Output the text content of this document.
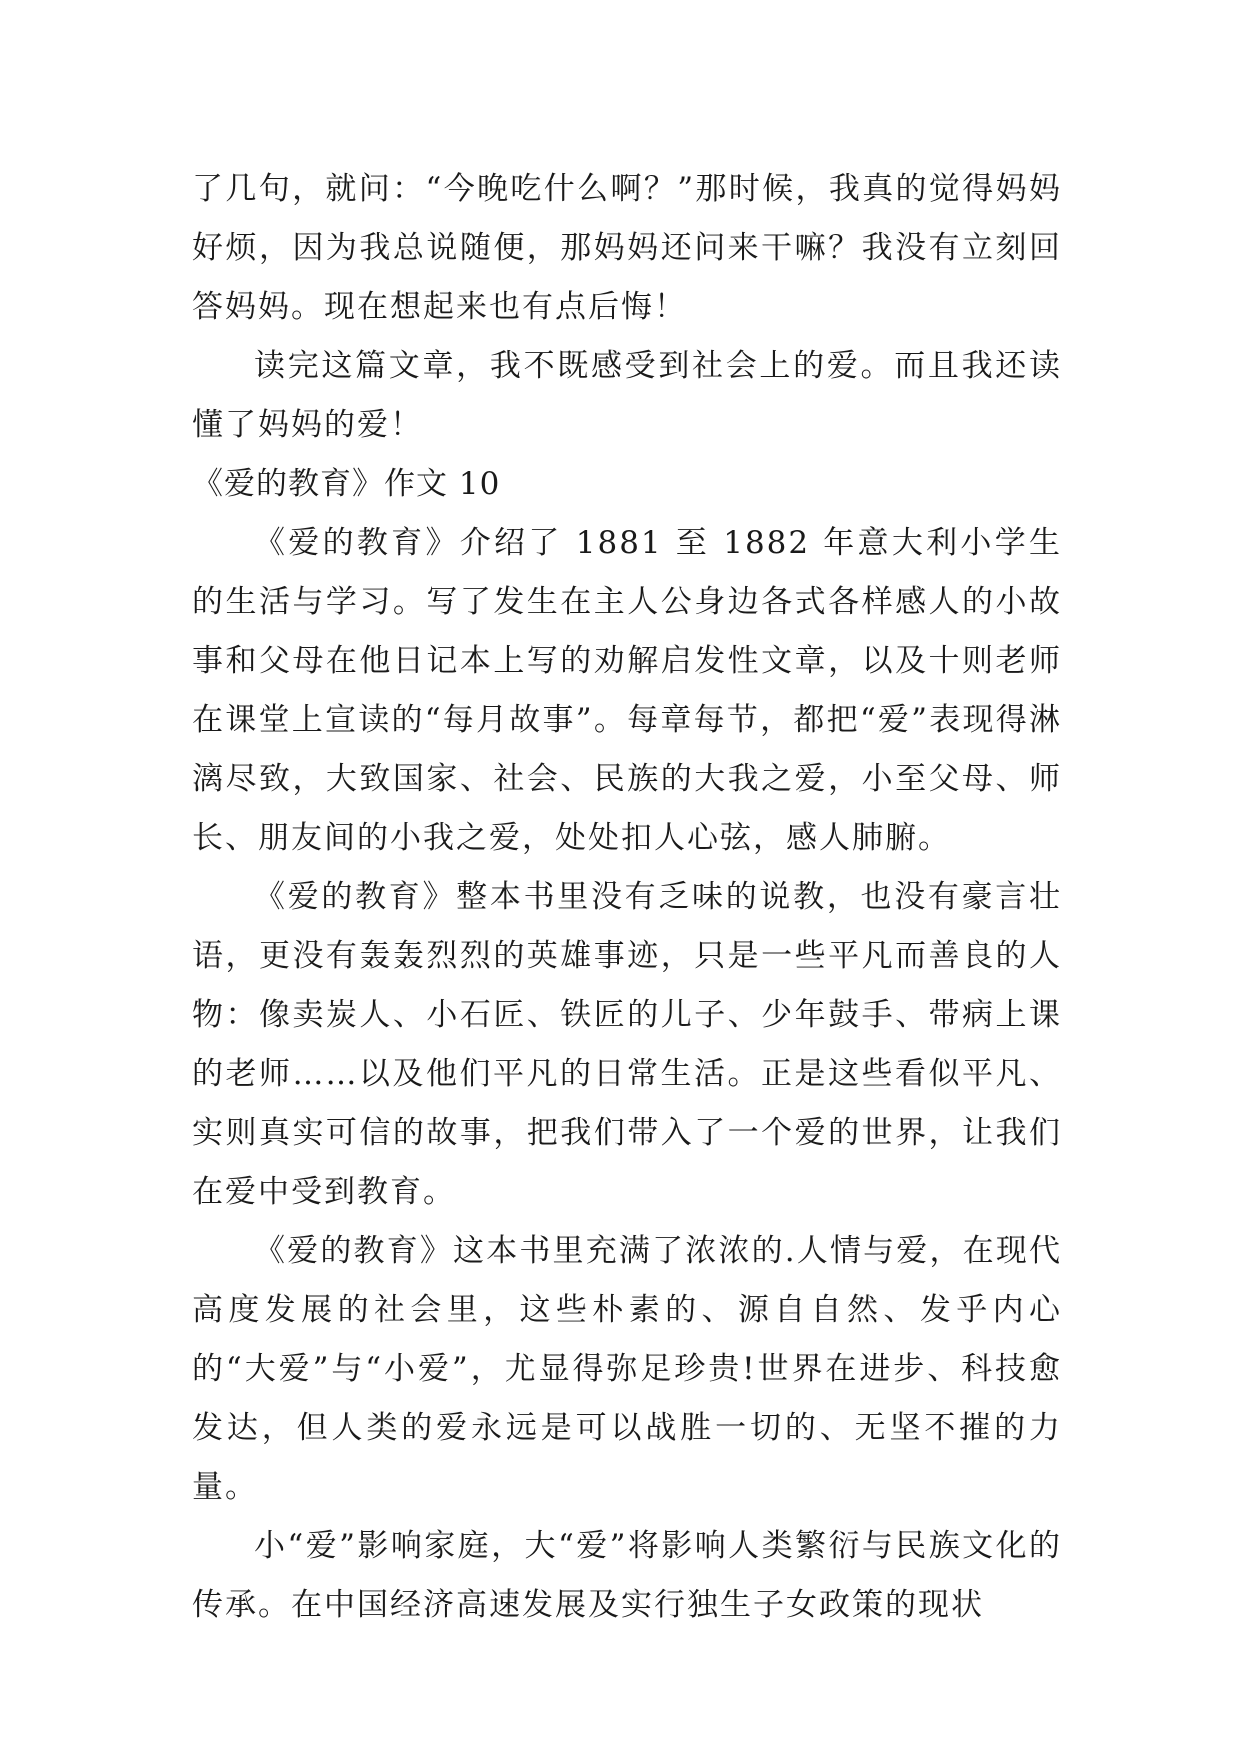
了几句，就问：“今晚吃什么啊？”那时候，我真的觉得妈妈好烦，因为我总说随便，那妈妈还问来干嘛？我没有立刻回答妈妈。现在想起来也有点后悔！

读完这篇文章，我不既感受到社会上的爱。而且我还读懂了妈妈的爱！

《爱的教育》作文 10

《爱的教育》介绍了 1881 至 1882 年意大利小学生的生活与学习。写了发生在主人公身边各式各样感人的小故事和父母在他日记本上写的劝解启发性文章，以及十则老师在课堂上宣读的“每月故事”。每章每节，都把“爱”表现得淋漓尽致，大致国家、社会、民族的大我之爱，小至父母、师长、朋友间的小我之爱，处处扣人心弦，感人肺腑。

《爱的教育》整本书里没有乏味的说教，也没有豪言壮语，更没有轰轰烈烈的英雄事迹，只是一些平凡而善良的人物：像卖炭人、小石匠、铁匠的儿子、少年鼓手、带病上课的老师……以及他们平凡的日常生活。正是这些看似平凡、实则真实可信的故事，把我们带入了一个爱的世界，让我们在爱中受到教育。

《爱的教育》这本书里充满了浓浓的.人情与爱，在现代高度发展的社会里，这些朴素的、源自自然、发乎内心的“大爱”与“小爱”，尤显得弥足珍贵!世界在进步、科技愈发达，但人类的爱永远是可以战胜一切的、无坚不摧的力量。

小“爱”影响家庭，大“爱”将影响人类繁衍与民族文化的传承。在中国经济高速发展及实行独生子女政策的现状
